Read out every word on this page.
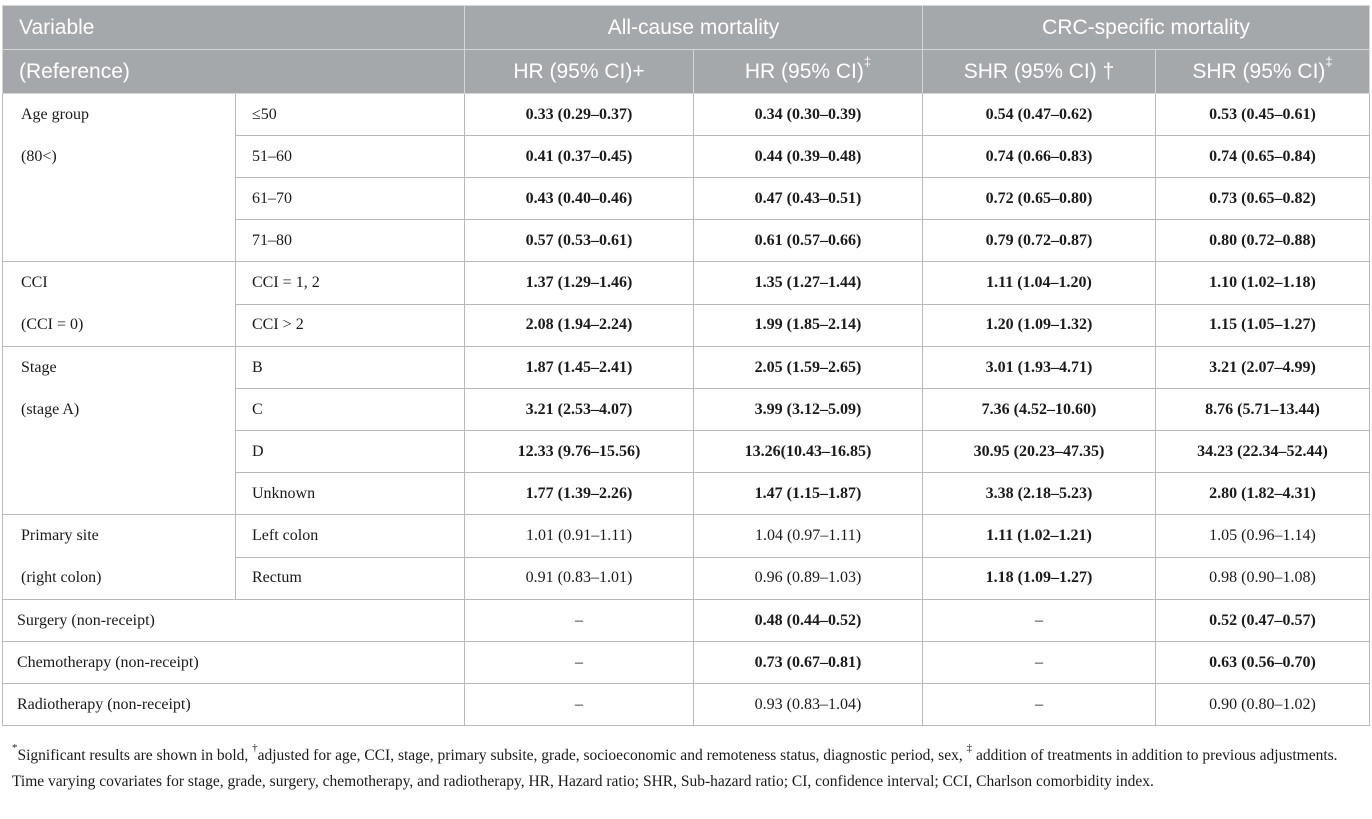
Variable		All-cause mortality		CRC-specific mortality	
(Reference)		HR (95% CI)+	HR (95% CI)‡	SHR (95% CI) †	SHR (95% CI)‡

Age group
(80<)	≤50	0.33 (0.29–0.37)	0.34 (0.30–0.39)	0.54 (0.47–0.62)	0.53 (0.45–0.61)
	51–60	0.41 (0.37–0.45)	0.44 (0.39–0.48)	0.74 (0.66–0.83)	0.74 (0.65–0.84)
	61–70	0.43 (0.40–0.46)	0.47 (0.43–0.51)	0.72 (0.65–0.80)	0.73 (0.65–0.82)
	71–80	0.57 (0.53–0.61)	0.61 (0.57–0.66)	0.79 (0.72–0.87)	0.80 (0.72–0.88)

CCI
(CCI = 0)	CCI = 1, 2	1.37 (1.29–1.46)	1.35 (1.27–1.44)	1.11 (1.04–1.20)	1.10 (1.02–1.18)
	CCI > 2	2.08 (1.94–2.24)	1.99 (1.85–2.14)	1.20 (1.09–1.32)	1.15 (1.05–1.27)

Stage
(stage A)	B	1.87 (1.45–2.41)	2.05 (1.59–2.65)	3.01 (1.93–4.71)	3.21 (2.07–4.99)
	C	3.21 (2.53–4.07)	3.99 (3.12–5.09)	7.36 (4.52–10.60)	8.76 (5.71–13.44)
	D	12.33 (9.76–15.56)	13.26(10.43–16.85)	30.95 (20.23–47.35)	34.23 (22.34–52.44)
	Unknown	1.77 (1.39–2.26)	1.47 (1.15–1.87)	3.38 (2.18–5.23)	2.80 (1.82–4.31)

Primary site
(right colon)	Left colon	1.01 (0.91–1.11)	1.04 (0.97–1.11)	1.11 (1.02–1.21)	1.05 (0.96–1.14)
	Rectum	0.91 (0.83–1.01)	0.96 (0.89–1.03)	1.18 (1.09–1.27)	0.98 (0.90–1.08)
Surgery (non-receipt)		–	0.48 (0.44–0.52)	–	0.52 (0.47–0.57)
Chemotherapy (non-receipt)		–	0.73 (0.67–0.81)	–	0.63 (0.56–0.70)
Radiotherapy (non-receipt)		–	0.93 (0.83–1.04)	–	0.90 (0.80–1.02)
*Significant results are shown in bold, †adjusted for age, CCI, stage, primary subsite, grade, socioeconomic and remoteness status, diagnostic period, sex, ‡ addition of treatments in addition to previous adjustments. Time varying covariates for stage, grade, surgery, chemotherapy, and radiotherapy, HR, Hazard ratio; SHR, Sub-hazard ratio; CI, confidence interval; CCI, Charlson comorbidity index.
